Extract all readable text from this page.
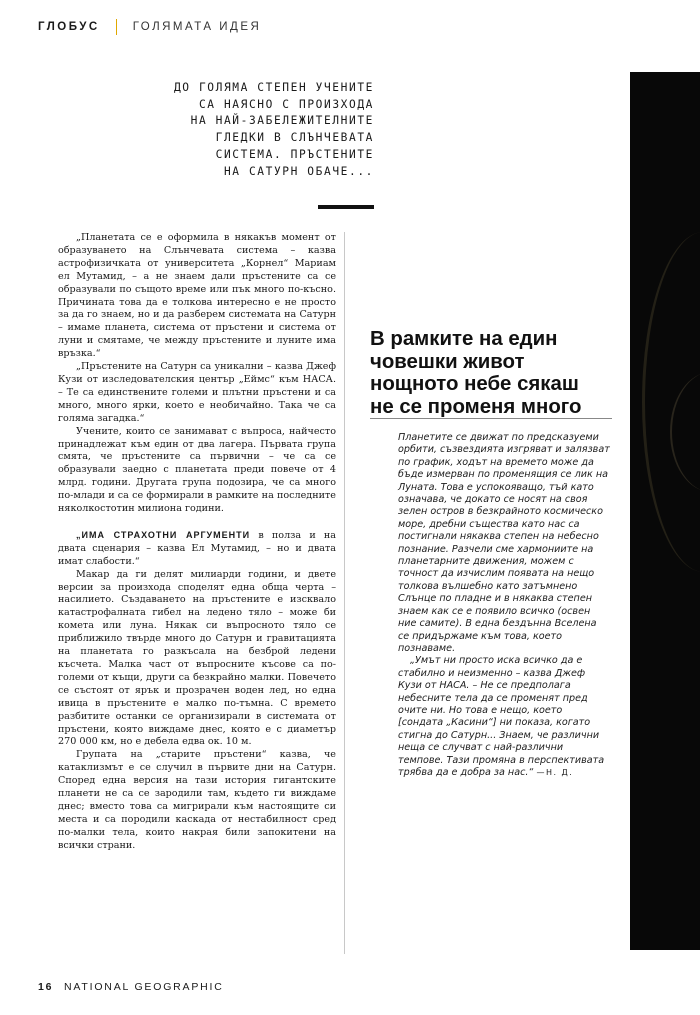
ГЛОБУС	ГОЛЯМАТА ИДЕЯ
ДО ГОЛЯМА СТЕПЕН УЧЕНИТЕ
СА НАЯСНО С ПРОИЗХОДА
НА НАЙ-ЗАБЕЛЕЖИТЕЛНИТЕ
ГЛЕДКИ В СЛЪНЧЕВАТА
СИСТЕМА. ПРЪСТЕНИТЕ
НА САТУРН ОБАЧЕ...

„Планетата се е оформила в някакъв момент от образуването на Слънчевата система – казва астрофизичката от университета „Корнел“ Мариам ел Мутамид, – а не знаем дали пръстените са се образували по същото време или пък много по-късно. Причината това да е толкова интересно е не просто за да го знаем, но и да разберем системата на Сатурн – имаме планета, система от пръстени и система от луни и смятаме, че между пръстените и луните има връзка.“

„Пръстените на Сатурн са уникални – казва Джеф Кузи от изследователския център „Еймс“ към НАСА. – Те са единствените големи и плътни пръстени и са много, много ярки, което е необичайно. Така че са голяма загадка.“

Учените, които се занимават с въпроса, найчесто принадлежат към един от два лагера. Първата група смята, че пръстените са първични – че са се образували заедно с планетата преди повече от 4 млрд. години. Другата група подозира, че са много по-млади и са се формирали в рамките на последните няколкостотин милиона години.

„ИМА СТРАХОТНИ АРГУМЕНТИ в полза и на двата сценария – казва Ел Мутамид, – но и двата имат слабости.“

Макар да ги делят милиарди години, и двете версии за произхода споделят една обща черта – насилието. Създаването на пръстените е изсквало катастрофалната гибел на ледено тяло – може би комета или луна. Някак си въпросното тяло се приближило твърде много до Сатурн и гравитацията на планетата го разкъсала на безброй ледени късчета. Малка част от въпросните късове са по-големи от къщи, други са безкрайно малки. Повечето се състоят от ярък и прозрачен воден лед, но една ивица в пръстените е малко по-тъмна. С времето разбитите останки се организирали в системата от пръстени, която виждаме днес, която е с диаметър 270 000 км, но е дебела едва ок. 10 м.

Групата на „старите пръстени“ казва, че катаклизмът е се случил в първите дни на Сатурн. Според една версия на тази история гигантските планети не са се зародили там, където ги виждаме днес; вместо това са мигрирали към настоящите си места и са породили каскада от нестабилност сред по-малки тела, които накрая били запокитени на всички страни.

В рамките на един
човешки живот
нощното небе сякаш
не се променя много

Планетите се движат по предсказуеми орбити, съзвездията изгряват и залязват по график, ходът на времето може да бъде измерван по променящия се лик на Луната. Това е успокояващо, тъй като означава, че докато се носят на своя зелен остров в безкрайното космическо море, дребни същества като нас са постигнали някаква степен на небесно познание. Разчели сме хармониите на планетарните движения, можем с точност да изчислим появата на нещо толкова вълшебно като затъмнено Слънце по пладне и в някаква степен знаем как се е появило всичко (освен ние самите). В една бездънна Вселена се придържаме към това, което познаваме.

„Умът ни просто иска всичко да е стабилно и неизменно – казва Джеф Кузи от НАСА. – Не се предполага небесните тела да се променят пред очите ни. Но това е нещо, което [сондата „Касини“] ни показа, когато стигна до Сатурн... Знаем, че различни неща се случват с най-различни темпове. Тази промяна в перспективата трябва да е добра за нас.“ —Н. Д.

16 NATIONAL GEOGRAPHIC
